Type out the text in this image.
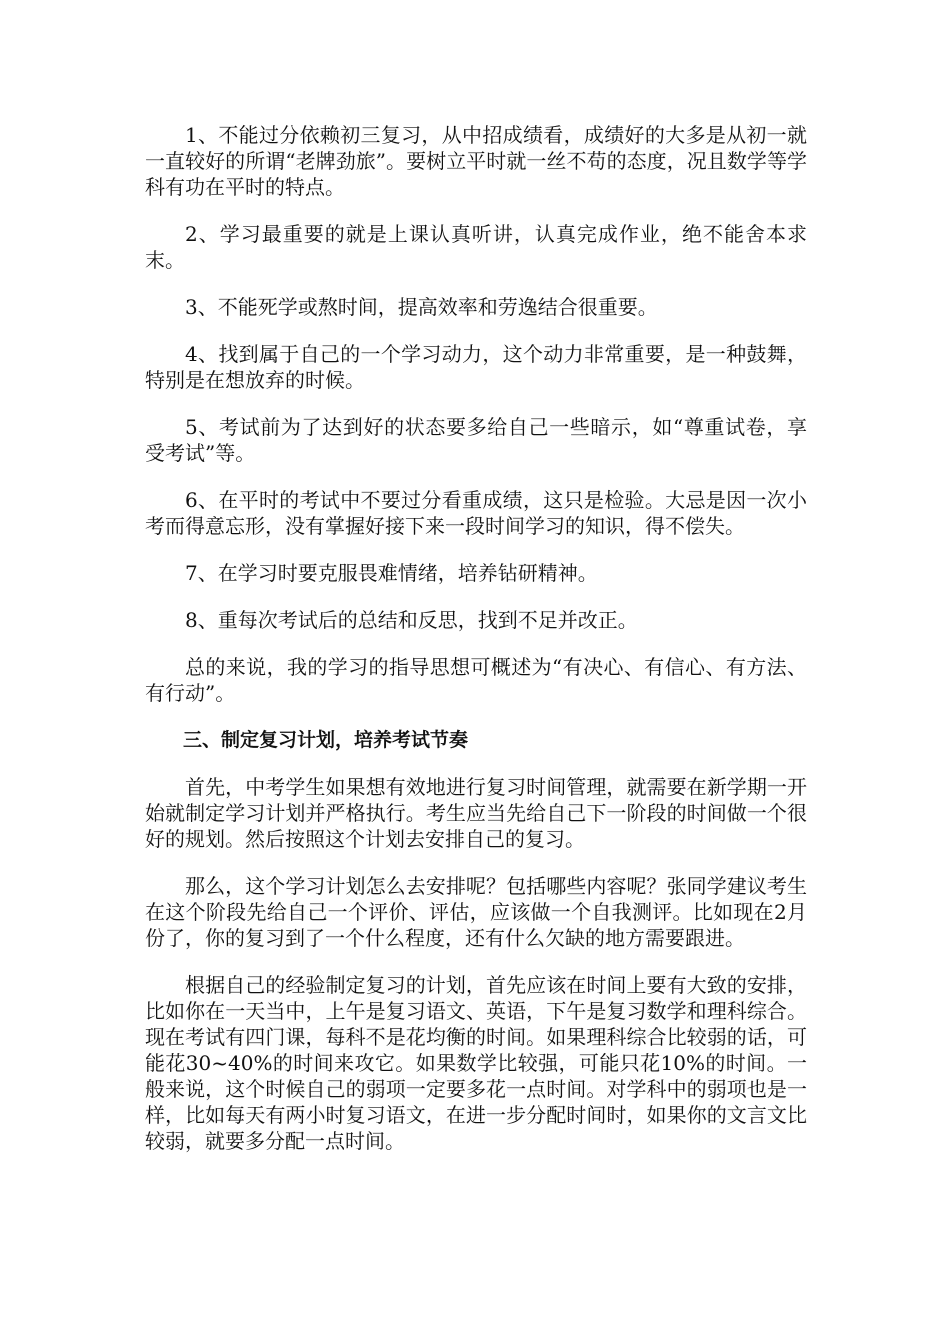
1、不能过分依赖初三复习，从中招成绩看，成绩好的大多是从初一就一直较好的所谓“老牌劲旅”。要树立平时就一丝不苟的态度，况且数学等学科有功在平时的特点。

2、学习最重要的就是上课认真听讲，认真完成作业，绝不能舍本求末。

3、不能死学或熬时间，提高效率和劳逸结合很重要。

4、找到属于自己的一个学习动力，这个动力非常重要，是一种鼓舞，特别是在想放弃的时候。

5、考试前为了达到好的状态要多给自己一些暗示，如“尊重试卷，享受考试”等。

6、在平时的考试中不要过分看重成绩，这只是检验。大忌是因一次小考而得意忘形，没有掌握好接下来一段时间学习的知识，得不偿失。

7、在学习时要克服畏难情绪，培养钻研精神。

8、重每次考试后的总结和反思，找到不足并改正。

总的来说，我的学习的指导思想可概述为“有决心、有信心、有方法、有行动”。

三、制定复习计划，培养考试节奏

首先，中考学生如果想有效地进行复习时间管理，就需要在新学期一开始就制定学习计划并严格执行。考生应当先给自己下一阶段的时间做一个很好的规划。然后按照这个计划去安排自己的复习。

那么，这个学习计划怎么去安排呢？包括哪些内容呢？张同学建议考生在这个阶段先给自己一个评价、评估，应该做一个自我测评。比如现在2月份了，你的复习到了一个什么程度，还有什么欠缺的地方需要跟进。

根据自己的经验制定复习的计划，首先应该在时间上要有大致的安排，比如你在一天当中，上午是复习语文、英语，下午是复习数学和理科综合。现在考试有四门课，每科不是花均衡的时间。如果理科综合比较弱的话，可能花30~40%的时间来攻它。如果数学比较强，可能只花10%的时间。一般来说，这个时候自己的弱项一定要多花一点时间。对学科中的弱项也是一样，比如每天有两小时复习语文，在进一步分配时间时，如果你的文言文比较弱，就要多分配一点时间。
